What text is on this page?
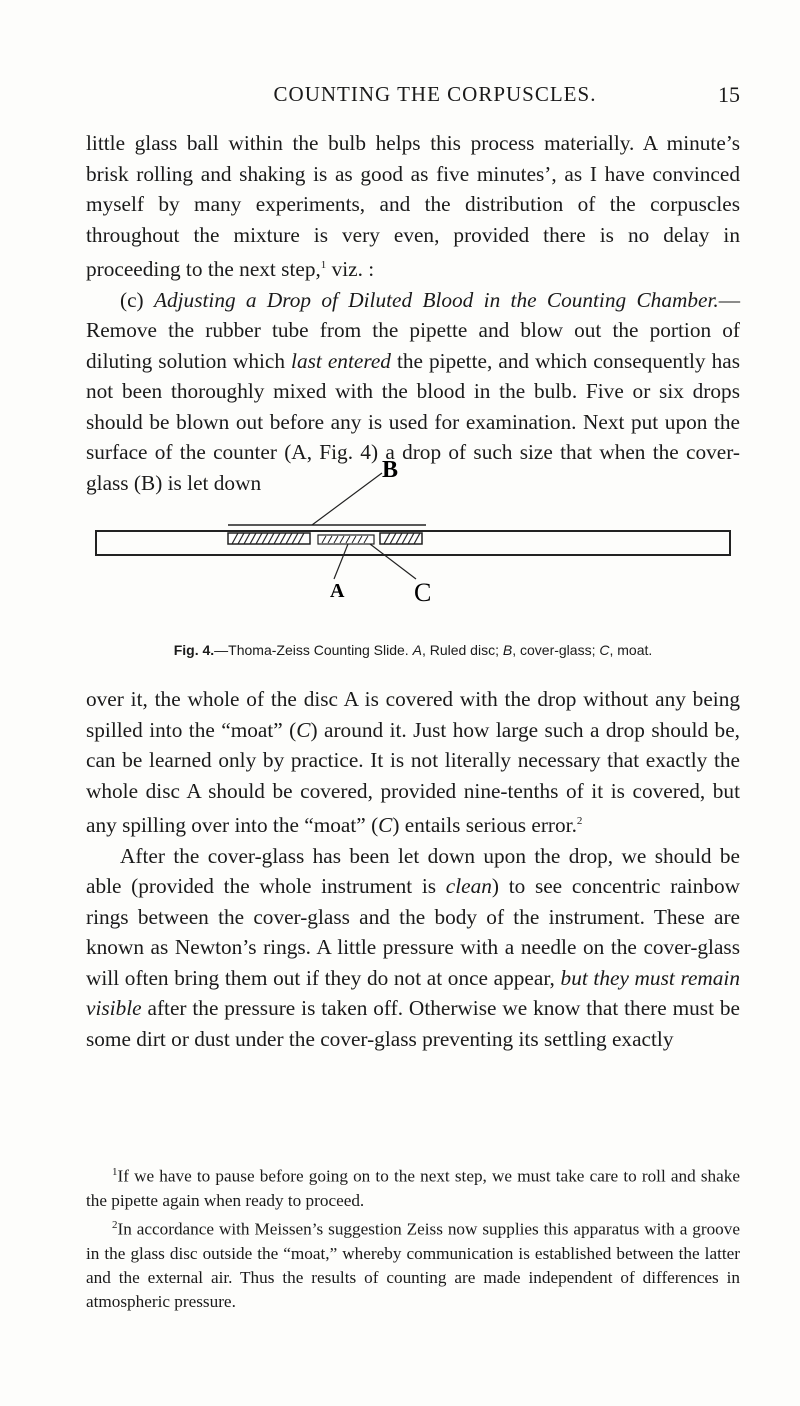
COUNTING THE CORPUSCLES.	15

little glass ball within the bulb helps this process materially. A minute’s brisk rolling and shaking is as good as five minutes’, as I have convinced myself by many experiments, and the distribution of the corpuscles throughout the mixture is very even, provided there is no delay in proceeding to the next step,$^1$ viz. :

(c) Adjusting a Drop of Diluted Blood in the Counting Chamber.—Remove the rubber tube from the pipette and blow out the portion of diluting solution which last entered the pipette, and which consequently has not been thoroughly mixed with the blood in the bulb. Five or six drops should be blown out before any is used for examination. Next put upon the surface of the counter (A, Fig. 4) a drop of such size that when the cover-glass (B) is let down	B
A	C
Fig. 4.—Thoma-Zeiss Counting Slide. A, Ruled disc; B, cover-glass; C, moat.

over it, the whole of the disc A is covered with the drop without any being spilled into the “moat” (C) around it. Just how large such a drop should be, can be learned only by practice. It is not literally necessary that exactly the whole disc A should be covered, provided nine-tenths of it is covered, but any spilling over into the “moat” (C) entails serious error.$^2$

After the cover-glass has been let down upon the drop, we should be able (provided the whole instrument is clean) to see concentric rainbow rings between the cover-glass and the body of the instrument. These are known as Newton’s rings. A little pressure with a needle on the cover-glass will often bring them out if they do not at once appear, but they must remain visible after the pressure is taken off. Otherwise we know that there must be some dirt or dust under the cover-glass preventing its settling exactly

$^1$If we have to pause before going on to the next step, we must take care to roll and shake the pipette again when ready to proceed.

$^2$In accordance with Meissen’s suggestion Zeiss now supplies this apparatus with a groove in the glass disc outside the “moat,” whereby communication is established between the latter and the external air. Thus the results of counting are made independent of differences in atmospheric pressure.
